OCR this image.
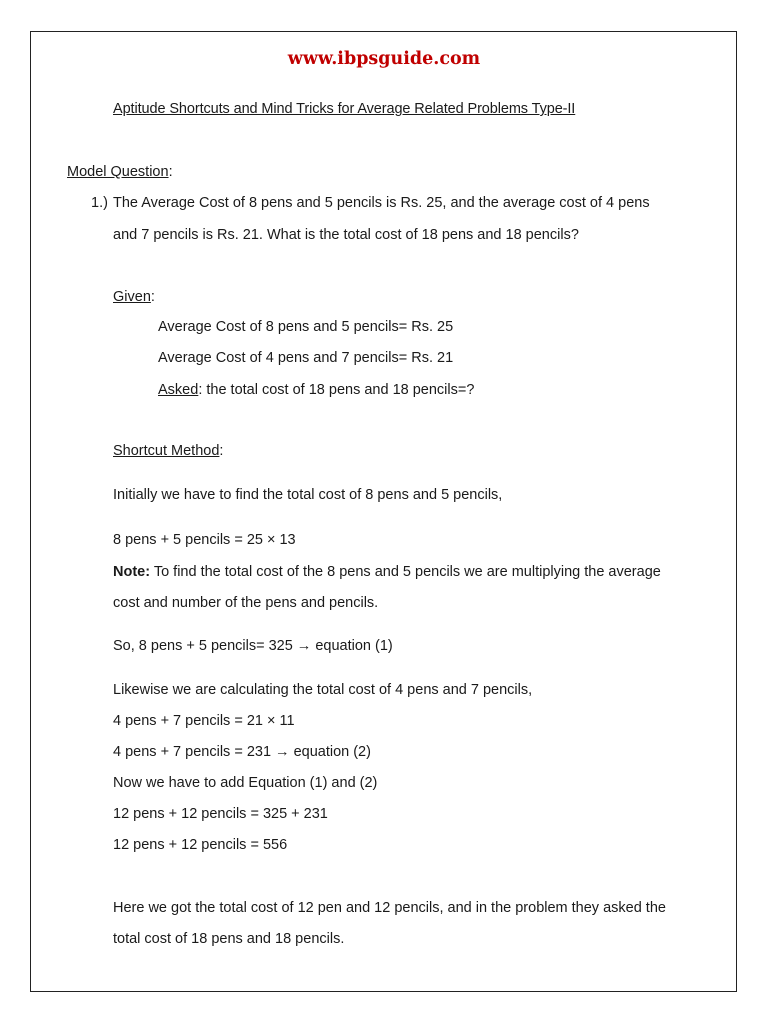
www.ibpsguide.com
Aptitude Shortcuts and Mind Tricks for Average Related Problems Type-II
Model Question:
1.) The Average Cost of 8 pens and 5 pencils is Rs. 25, and the average cost of 4 pens
and 7 pencils is Rs. 21. What is the total cost of 18 pens and 18 pencils?
Given:
Average Cost of 8 pens and 5 pencils= Rs. 25
Average Cost of 4 pens and 7 pencils= Rs. 21
Asked: the total cost of 18 pens and 18 pencils=?
Shortcut Method:
Initially we have to find the total cost of 8 pens and 5 pencils,
8 pens + 5 pencils = 25 × 13
Note: To find the total cost of the 8 pens and 5 pencils we are multiplying the average
cost and number of the pens and pencils.
So, 8 pens + 5 pencils= 325 → equation (1)
Likewise we are calculating the total cost of 4 pens and 7 pencils,
4 pens + 7 pencils = 21 × 11
4 pens + 7 pencils = 231 → equation (2)
Now we have to add Equation (1) and (2)
12 pens + 12 pencils = 325 + 231
12 pens + 12 pencils = 556
Here we got the total cost of 12 pen and 12 pencils, and in the problem they asked the
total cost of 18 pens and 18 pencils.
